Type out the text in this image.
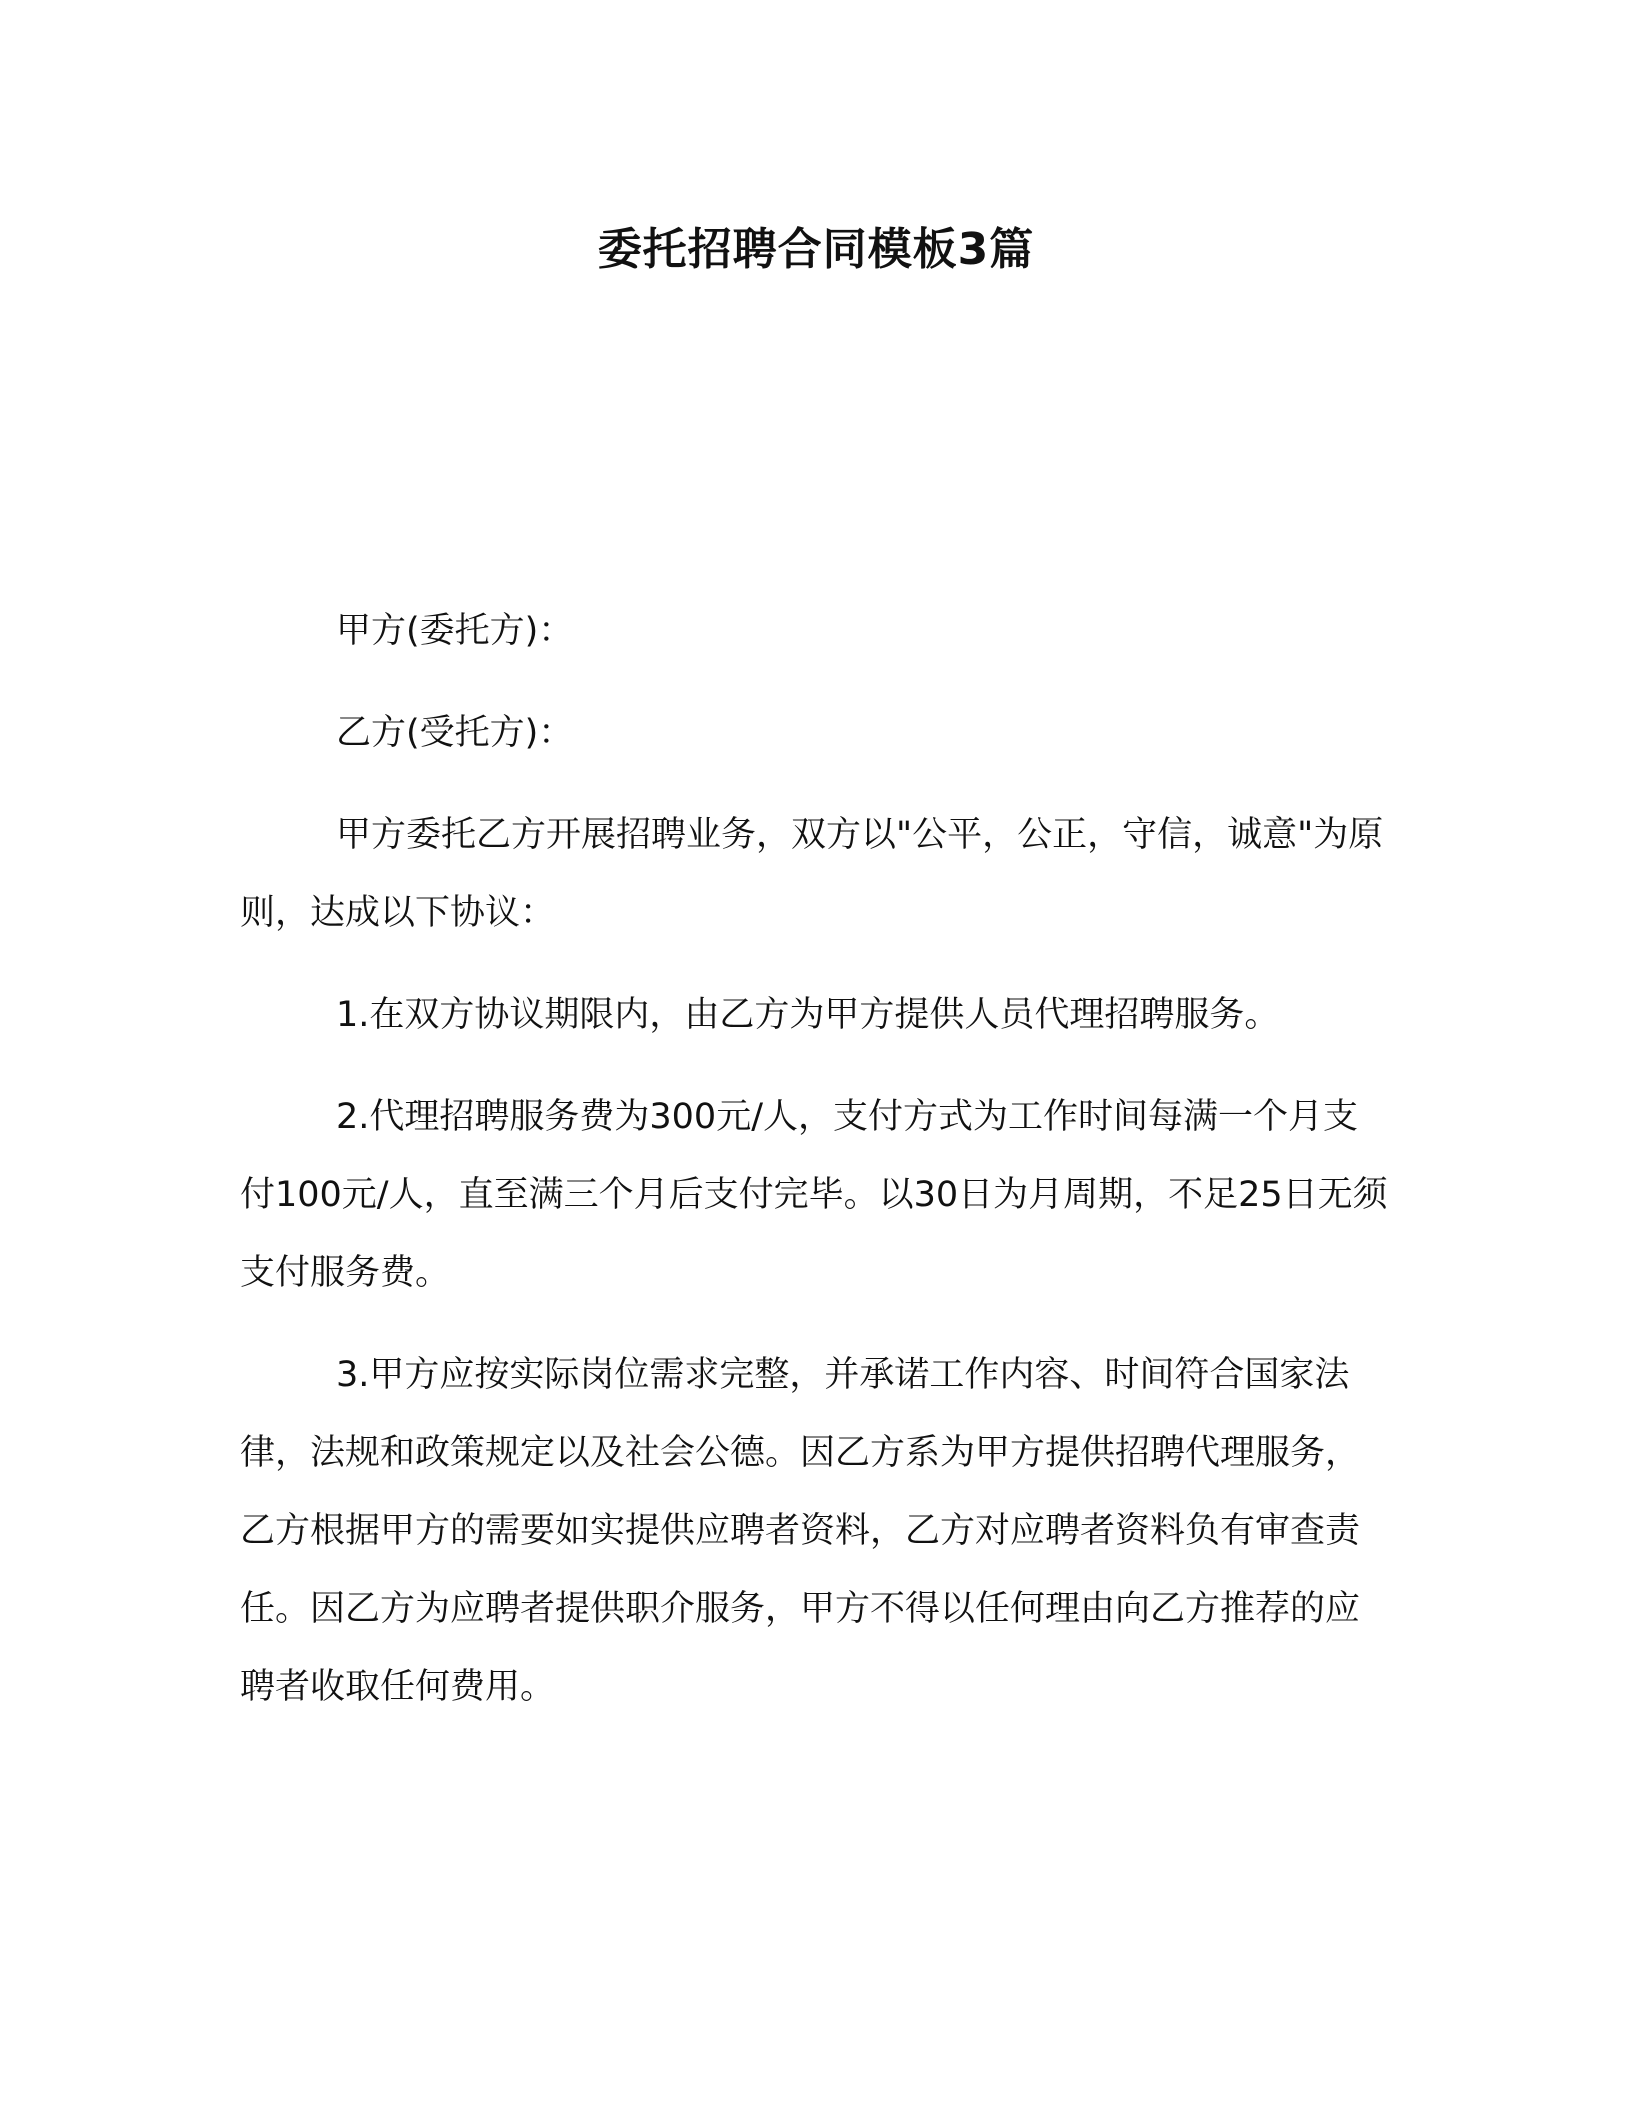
委托招聘合同模板3篇

甲方(委托方)：

乙方(受托方)：

甲方委托乙方开展招聘业务，双方以"公平，公正，守信，诚意"为原则，达成以下协议：

1.在双方协议期限内，由乙方为甲方提供人员代理招聘服务。

2.代理招聘服务费为300元/人，支付方式为工作时间每满一个月支付100元/人，直至满三个月后支付完毕。以30日为月周期，不足25日无须支付服务费。

3.甲方应按实际岗位需求完整，并承诺工作内容、时间符合国家法律，法规和政策规定以及社会公德。因乙方系为甲方提供招聘代理服务，乙方根据甲方的需要如实提供应聘者资料，乙方对应聘者资料负有审查责任。因乙方为应聘者提供职介服务，甲方不得以任何理由向乙方推荐的应聘者收取任何费用。
